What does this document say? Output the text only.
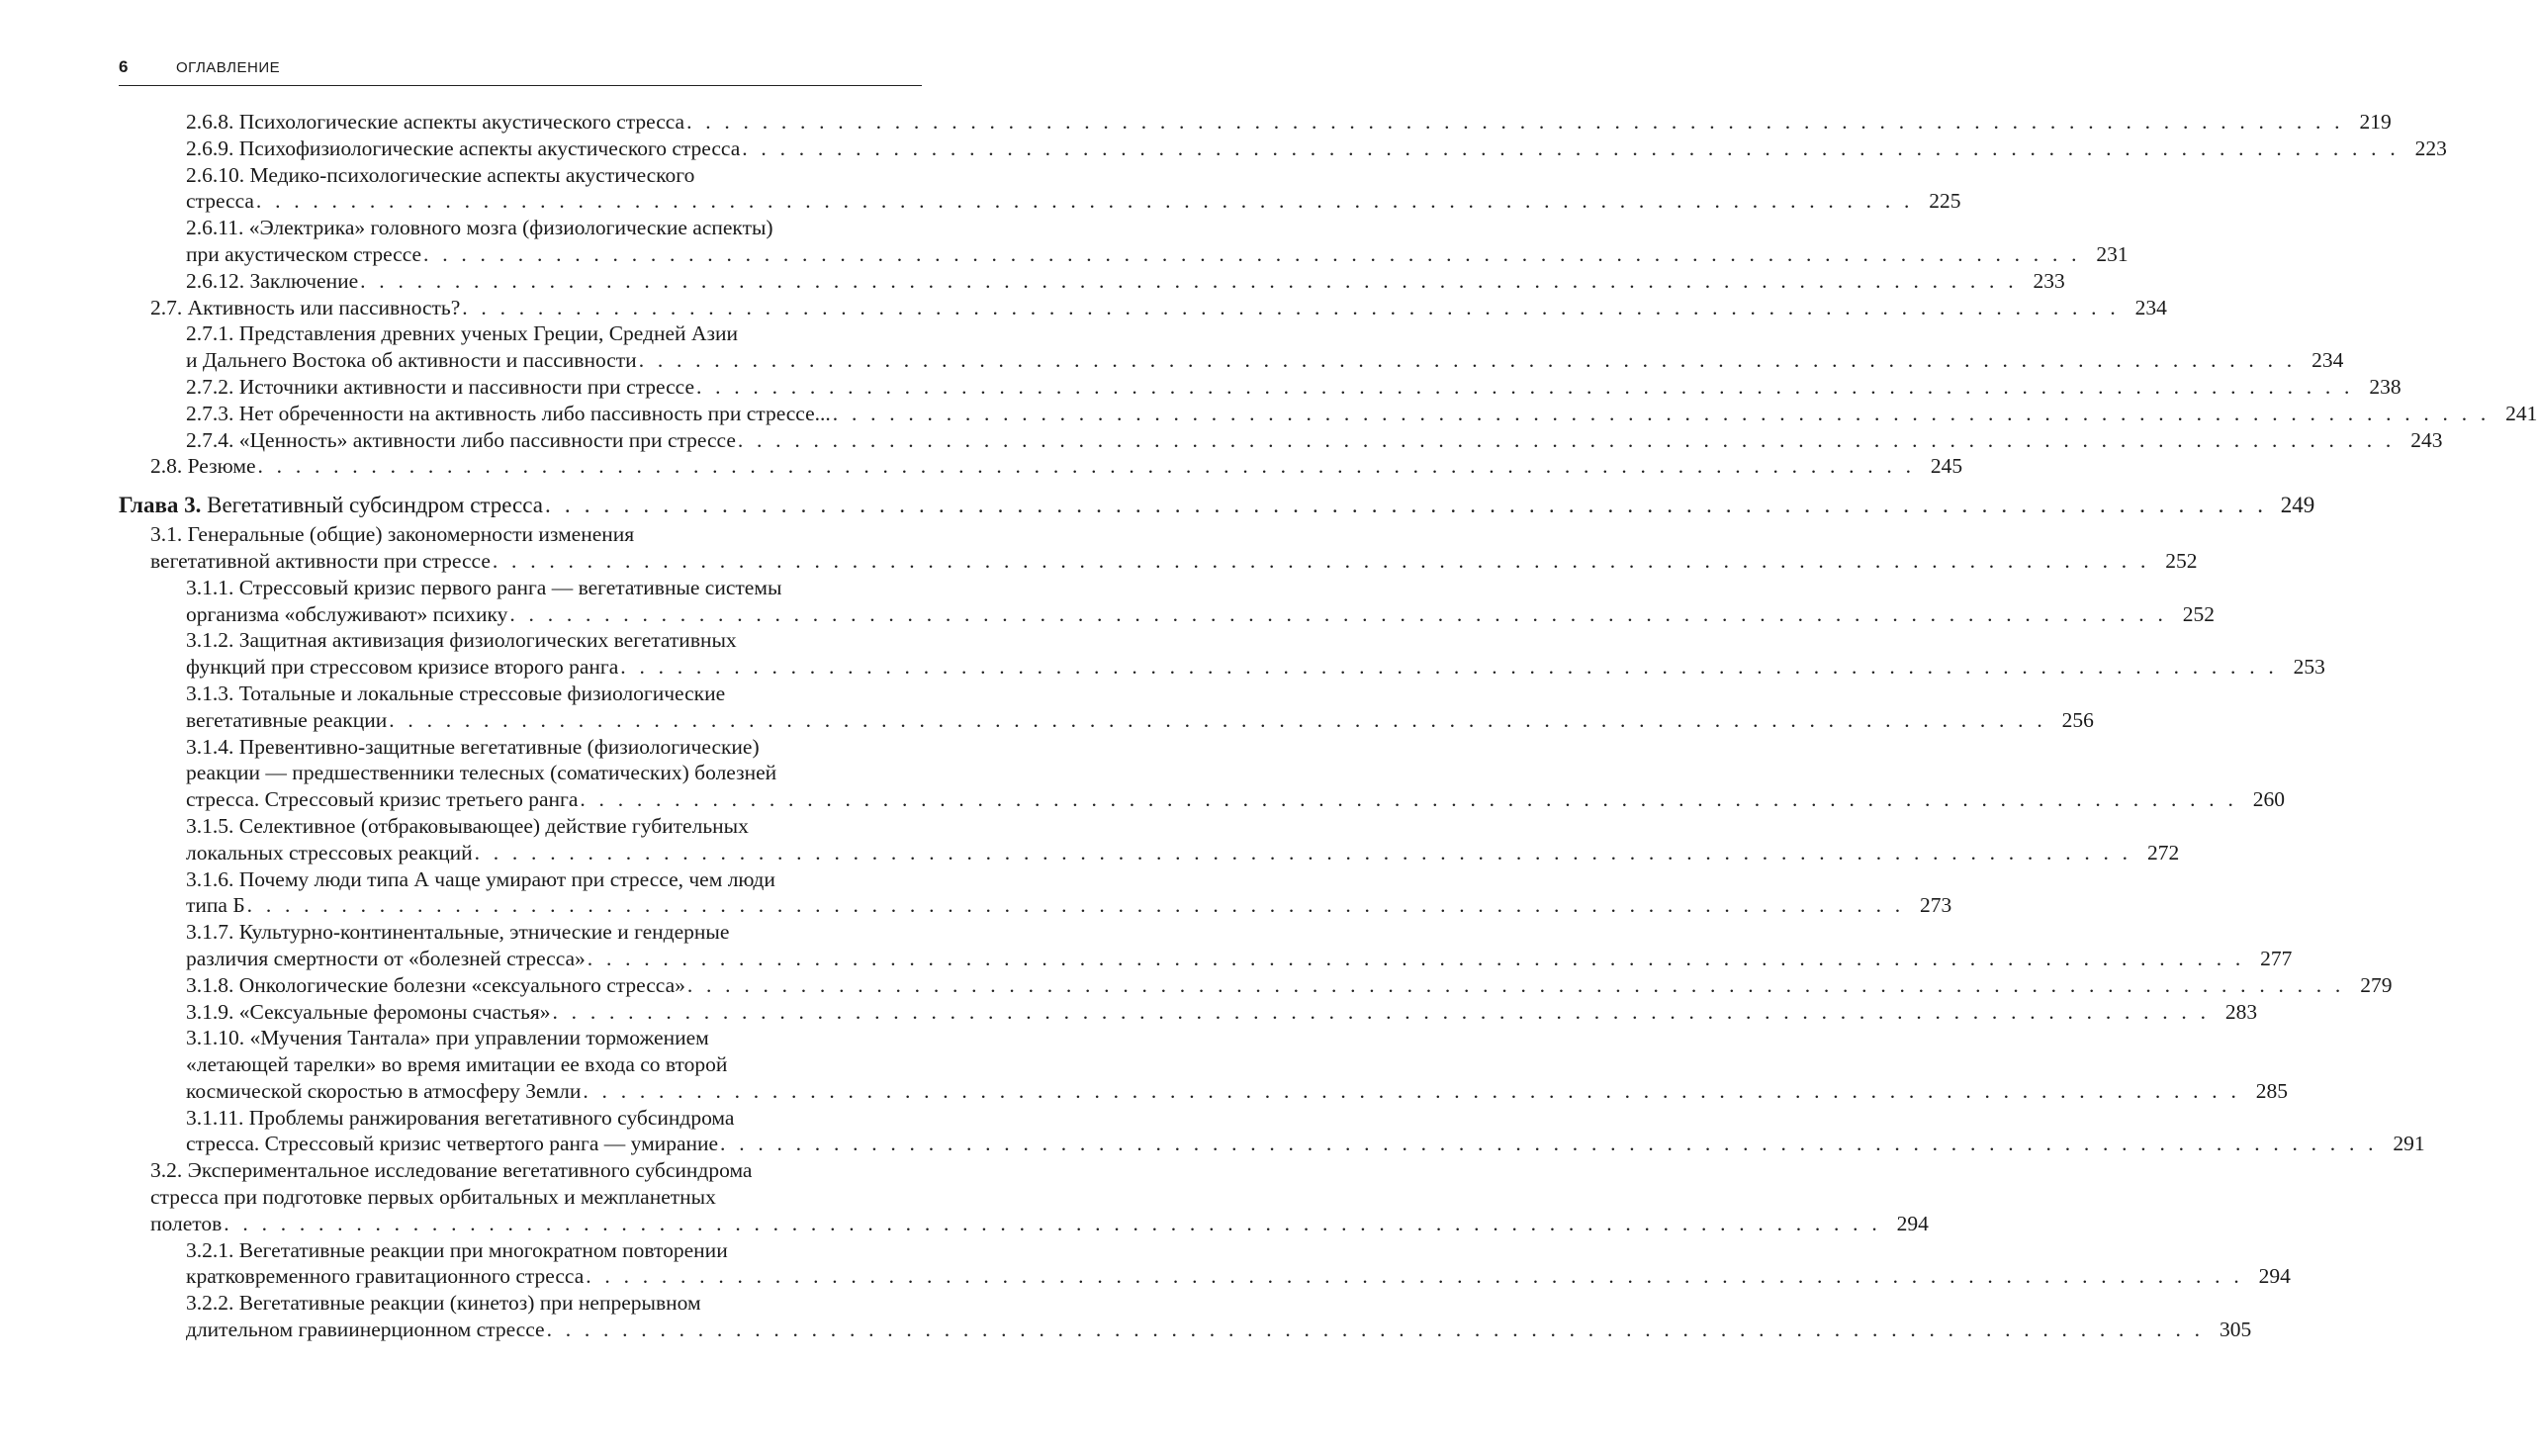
6	ОГЛАВЛЕНИЕ
2.6.8. Психологические аспекты акустического стресса . . . . . . . . . . . . . . . . . . . . . . . . . . . . . . . . . . . . . . . . . . . . . . . . . . . . . . . . . . . . . . . . . . . . . . . . . . . . . . . . . . . . . . . . 219
2.6.9. Психофизиологические аспекты акустического стресса . . . . . . . . . . . . . . . . . . . . . . . . . . . . . . . . . . . . . . . . . . . . . . . . . . . . . . . . . . . . . . . . . . . . . . . . . . . . . . . . . . . . . . . . 223
2.6.10. Медико-психологические аспекты акустического
стресса . . . . . . . . . . . . . . . . . . . . . . . . . . . . . . . . . . . . . . . . . . . . . . . . . . . . . . . . . . . . . . . . . . . . . . . . . . . . . . . . . . . . . . . . 225
2.6.11. «Электрика» головного мозга (физиологические аспекты)
при акустическом стрессе . . . . . . . . . . . . . . . . . . . . . . . . . . . . . . . . . . . . . . . . . . . . . . . . . . . . . . . . . . . . . . . . . . . . . . . . . . . . . . . . . . . . . . . . 231
2.6.12. Заключение . . . . . . . . . . . . . . . . . . . . . . . . . . . . . . . . . . . . . . . . . . . . . . . . . . . . . . . . . . . . . . . . . . . . . . . . . . . . . . . . . . . . . . . . 233
2.7. Активность или пассивность? . . . . . . . . . . . . . . . . . . . . . . . . . . . . . . . . . . . . . . . . . . . . . . . . . . . . . . . . . . . . . . . . . . . . . . . . . . . . . . . . . . . . . . . . 234
2.7.1. Представления древних ученых Греции, Средней Азии
и Дальнего Востока об активности и пассивности . . . . . . . . . . . . . . . . . . . . . . . . . . . . . . . . . . . . . . . . . . . . . . . . . . . . . . . . . . . . . . . . . . . . . . . . . . . . . . . . . . . . . . . . 234
2.7.2. Источники активности и пассивности при стрессе . . . . . . . . . . . . . . . . . . . . . . . . . . . . . . . . . . . . . . . . . . . . . . . . . . . . . . . . . . . . . . . . . . . . . . . . . . . . . . . . . . . . . . . . 238
2.7.3. Нет обреченности на активность либо пассивность при стрессе... . . . . . . . . . . . . . . . . . . . . . . . . . . . . . . . . . . . . . . . . . . . . . . . . . . . . . . . . . . . . . . . . . . . . . . . . . . . . . . . . . . . . . . . . 241
2.7.4. «Ценность» активности либо пассивности при стрессе . . . . . . . . . . . . . . . . . . . . . . . . . . . . . . . . . . . . . . . . . . . . . . . . . . . . . . . . . . . . . . . . . . . . . . . . . . . . . . . . . . . . . . . . 243
2.8. Резюме . . . . . . . . . . . . . . . . . . . . . . . . . . . . . . . . . . . . . . . . . . . . . . . . . . . . . . . . . . . . . . . . . . . . . . . . . . . . . . . . . . . . . . . . 245
Глава 3. Вегетативный субсиндром стресса . . . . . . . . . . . . . . . . . . . . . . . . . . . . . . . . . . . . . . . . . . . . . . . . . . . . . . . . . . . . . . . . . . . . . . . . . . . . . . . . . . . . . . . . 249
3.1. Генеральные (общие) закономерности изменения
вегетативной активности при стрессе . . . . . . . . . . . . . . . . . . . . . . . . . . . . . . . . . . . . . . . . . . . . . . . . . . . . . . . . . . . . . . . . . . . . . . . . . . . . . . . . . . . . . . . . 252
3.1.1. Стрессовый кризис первого ранга — вегетативные системы
организма «обслуживают» психику . . . . . . . . . . . . . . . . . . . . . . . . . . . . . . . . . . . . . . . . . . . . . . . . . . . . . . . . . . . . . . . . . . . . . . . . . . . . . . . . . . . . . . . . 252
3.1.2. Защитная активизация физиологических вегетативных
функций при стрессовом кризисе второго ранга . . . . . . . . . . . . . . . . . . . . . . . . . . . . . . . . . . . . . . . . . . . . . . . . . . . . . . . . . . . . . . . . . . . . . . . . . . . . . . . . . . . . . . . . 253
3.1.3. Тотальные и локальные стрессовые физиологические
вегетативные реакции . . . . . . . . . . . . . . . . . . . . . . . . . . . . . . . . . . . . . . . . . . . . . . . . . . . . . . . . . . . . . . . . . . . . . . . . . . . . . . . . . . . . . . . . 256
3.1.4. Превентивно-защитные вегетативные (физиологические)
реакции — предшественники телесных (соматических) болезней
стресса. Стрессовый кризис третьего ранга . . . . . . . . . . . . . . . . . . . . . . . . . . . . . . . . . . . . . . . . . . . . . . . . . . . . . . . . . . . . . . . . . . . . . . . . . . . . . . . . . . . . . . . . 260
3.1.5. Селективное (отбраковывающее) действие губительных
локальных стрессовых реакций . . . . . . . . . . . . . . . . . . . . . . . . . . . . . . . . . . . . . . . . . . . . . . . . . . . . . . . . . . . . . . . . . . . . . . . . . . . . . . . . . . . . . . . . 272
3.1.6. Почему люди типа А чаще умирают при стрессе, чем люди
типа Б . . . . . . . . . . . . . . . . . . . . . . . . . . . . . . . . . . . . . . . . . . . . . . . . . . . . . . . . . . . . . . . . . . . . . . . . . . . . . . . . . . . . . . . . 273
3.1.7. Культурно-континентальные, этнические и гендерные
различия смертности от «болезней стресса» . . . . . . . . . . . . . . . . . . . . . . . . . . . . . . . . . . . . . . . . . . . . . . . . . . . . . . . . . . . . . . . . . . . . . . . . . . . . . . . . . . . . . . . . 277
3.1.8. Онкологические болезни «сексуального стресса» . . . . . . . . . . . . . . . . . . . . . . . . . . . . . . . . . . . . . . . . . . . . . . . . . . . . . . . . . . . . . . . . . . . . . . . . . . . . . . . . . . . . . . . . 279
3.1.9. «Сексуальные феромоны счастья» . . . . . . . . . . . . . . . . . . . . . . . . . . . . . . . . . . . . . . . . . . . . . . . . . . . . . . . . . . . . . . . . . . . . . . . . . . . . . . . . . . . . . . . . 283
3.1.10. «Мучения Тантала» при управлении торможением
«летающей тарелки» во время имитации ее входа со второй
космической скоростью в атмосферу Земли . . . . . . . . . . . . . . . . . . . . . . . . . . . . . . . . . . . . . . . . . . . . . . . . . . . . . . . . . . . . . . . . . . . . . . . . . . . . . . . . . . . . . . . . 285
3.1.11. Проблемы ранжирования вегетативного субсиндрома
стресса. Стрессовый кризис четвертого ранга — умирание . . . . . . . . . . . . . . . . . . . . . . . . . . . . . . . . . . . . . . . . . . . . . . . . . . . . . . . . . . . . . . . . . . . . . . . . . . . . . . . . . . . . . . . . 291
3.2. Экспериментальное исследование вегетативного субсиндрома
стресса при подготовке первых орбитальных и межпланетных
полетов . . . . . . . . . . . . . . . . . . . . . . . . . . . . . . . . . . . . . . . . . . . . . . . . . . . . . . . . . . . . . . . . . . . . . . . . . . . . . . . . . . . . . . . . 294
3.2.1. Вегетативные реакции при многократном повторении
кратковременного гравитационного стресса . . . . . . . . . . . . . . . . . . . . . . . . . . . . . . . . . . . . . . . . . . . . . . . . . . . . . . . . . . . . . . . . . . . . . . . . . . . . . . . . . . . . . . . . 294
3.2.2. Вегетативные реакции (кинетоз) при непрерывном
длительном гравиинерционном стрессе . . . . . . . . . . . . . . . . . . . . . . . . . . . . . . . . . . . . . . . . . . . . . . . . . . . . . . . . . . . . . . . . . . . . . . . . . . . . . . . . . . . . . . . . 305
